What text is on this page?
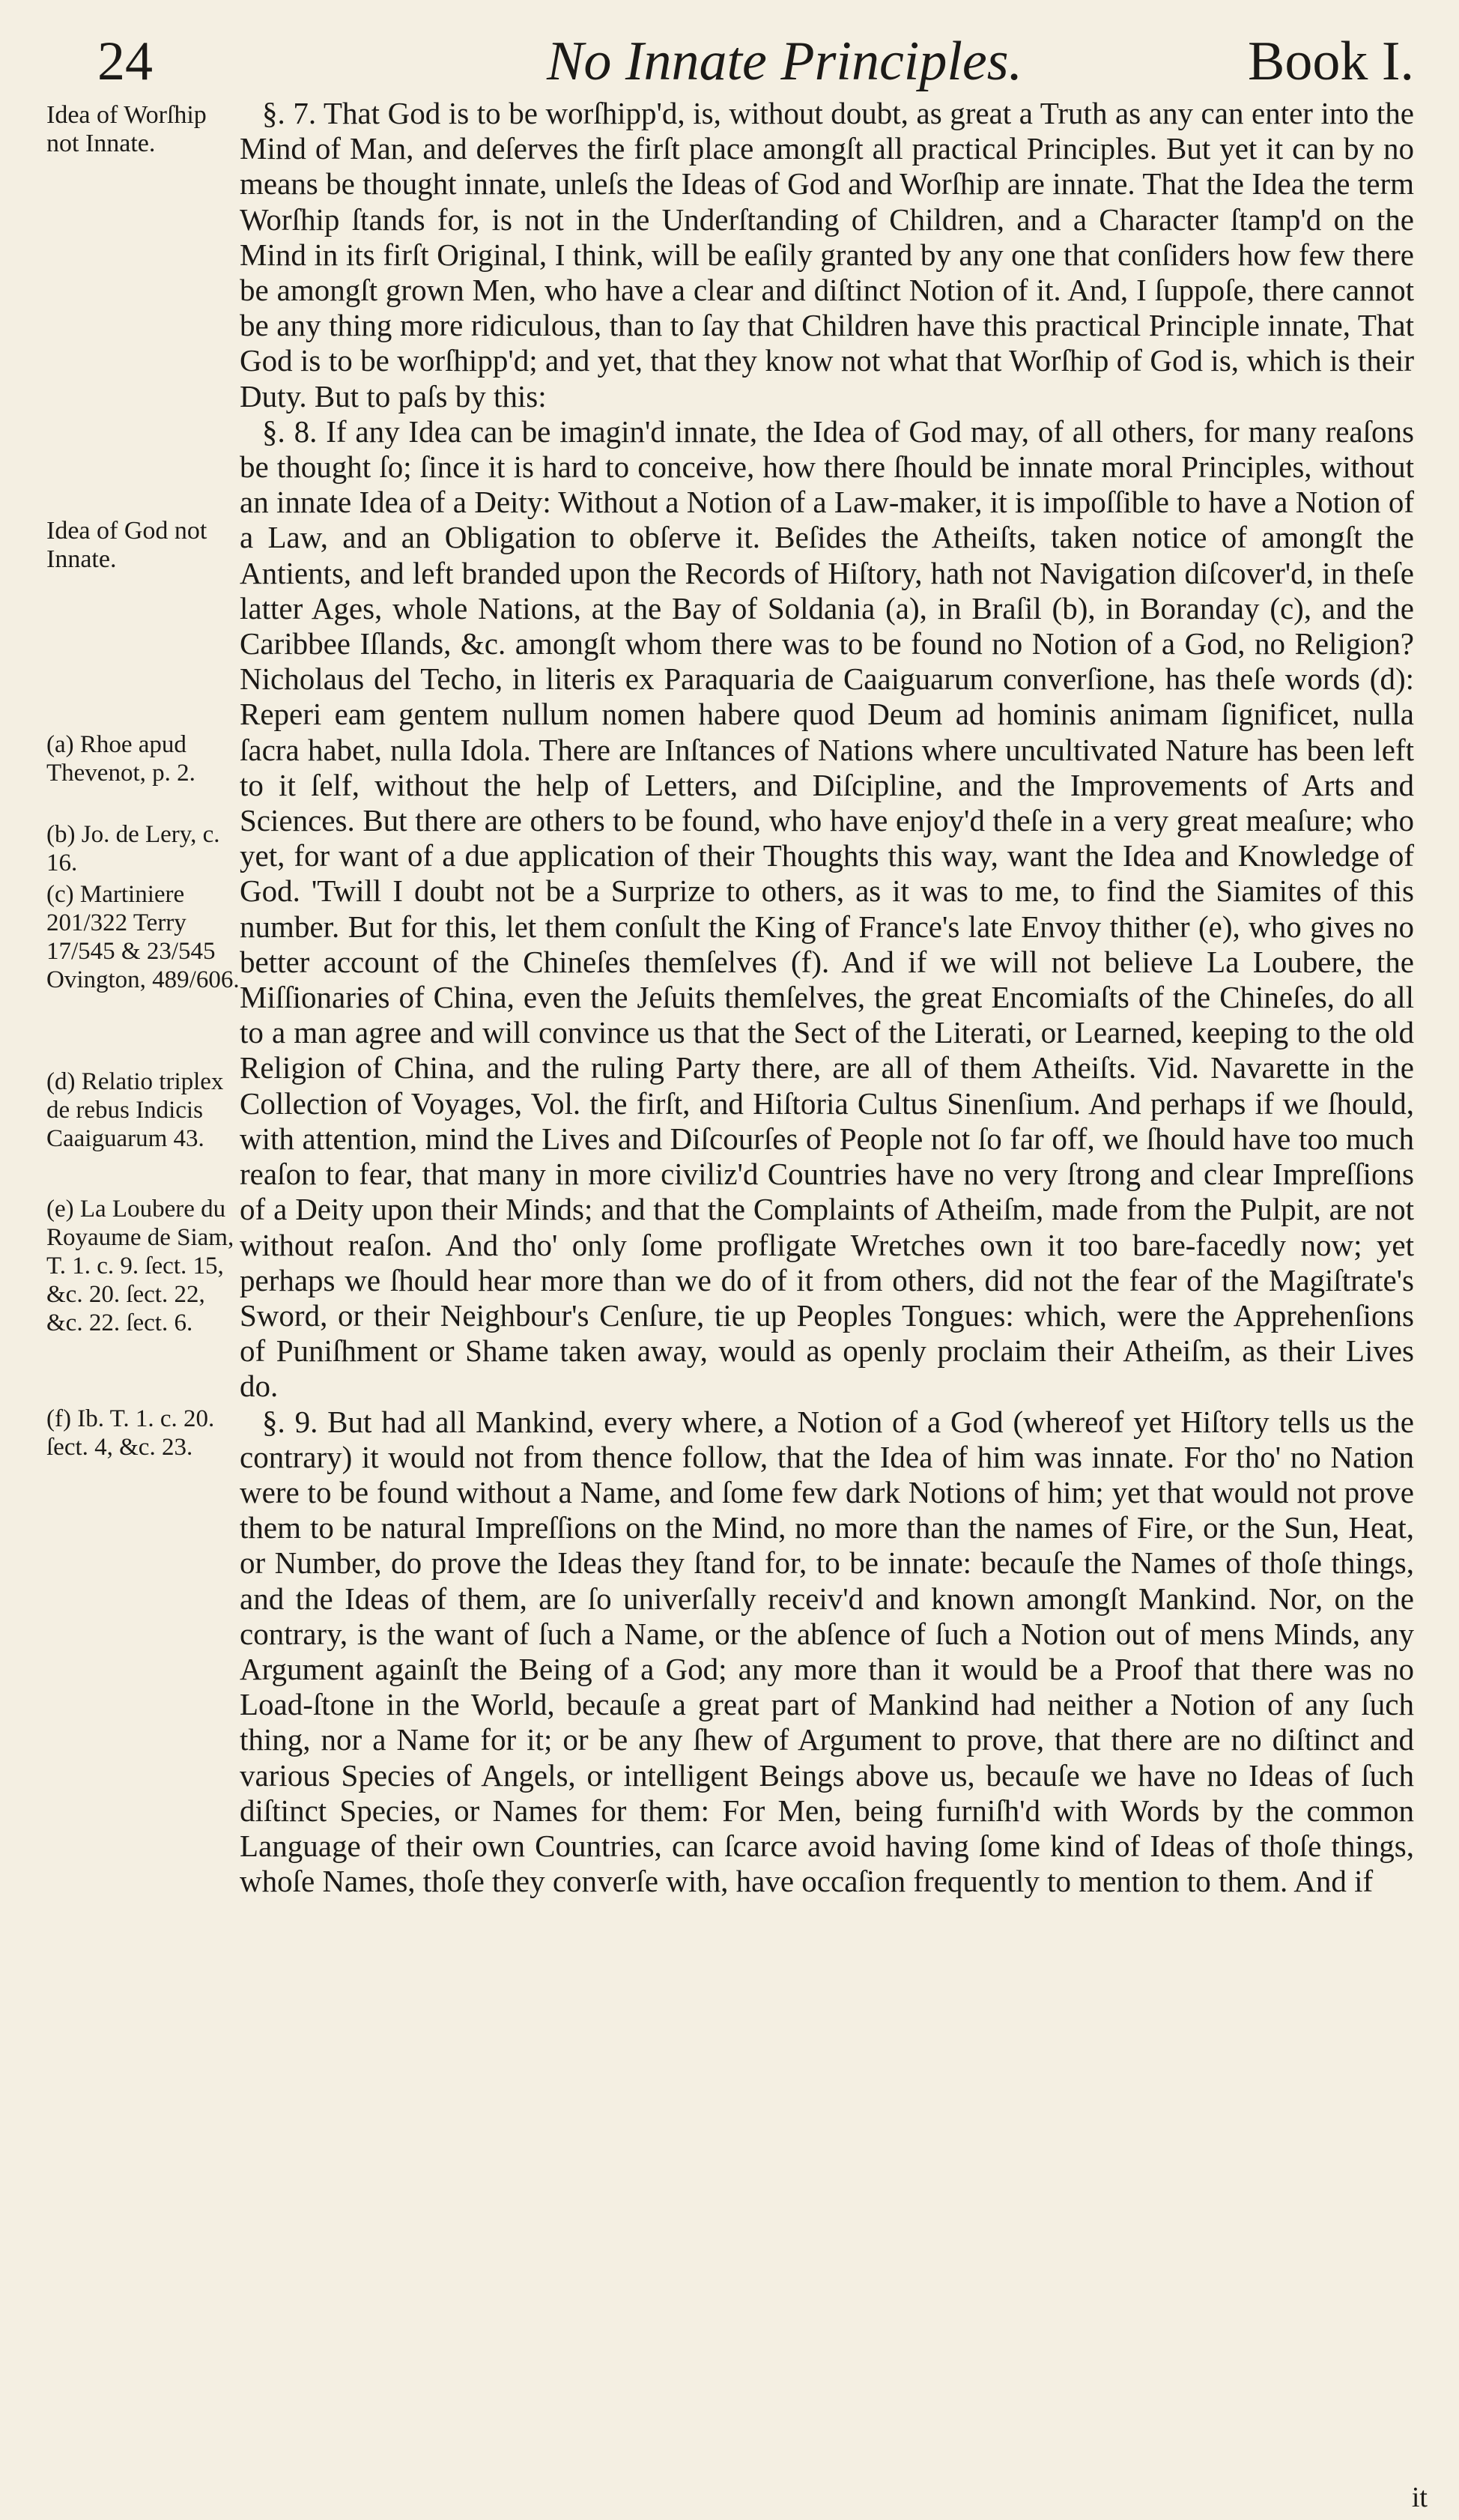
24	No Innate Principles.	Book I.
Idea of Worſhip not Innate.
Idea of God not Innate.
(a) Rhoe apud Thevenot, p. 2.
(b) Jo. de Lery, c. 16.
(c) Martiniere 201/322 Terry 17/545 & 23/545 Ovington, 489/606.
(d) Relatio triplex de rebus Indicis Caaiguarum 43.
(e) La Loubere du Royaume de Siam, T. 1. c. 9. ſect. 15, &c. 20. ſect. 22, &c. 22. ſect. 6.
(f) Ib. T. 1. c. 20. ſect. 4, &c. 23.

§. 7. That God is to be worſhipp'd, is, without doubt, as great a Truth as any can enter into the Mind of Man, and deſerves the firſt place amongſt all practical Principles. But yet it can by no means be thought innate, unleſs the Ideas of God and Worſhip are innate. That the Idea the term Worſhip ſtands for, is not in the Underſtanding of Children, and a Character ſtamp'd on the Mind in its firſt Original, I think, will be eaſily granted by any one that conſiders how few there be amongſt grown Men, who have a clear and diſtinct Notion of it. And, I ſuppoſe, there cannot be any thing more ridiculous, than to ſay that Children have this practical Principle innate, That God is to be worſhipp'd; and yet, that they know not what that Worſhip of God is, which is their Duty. But to paſs by this:

§. 8. If any Idea can be imagin'd innate, the Idea of God may, of all others, for many reaſons be thought ſo; ſince it is hard to conceive, how there ſhould be innate moral Principles, without an innate Idea of a Deity: Without a Notion of a Law-maker, it is impoſſible to have a Notion of a Law, and an Obligation to obſerve it. Beſides the Atheiſts, taken notice of amongſt the Antients, and left branded upon the Records of Hiſtory, hath not Navigation diſcover'd, in theſe latter Ages, whole Nations, at the Bay of Soldania (a), in Braſil (b), in Boranday (c), and the Caribbee Iſlands, &c. amongſt whom there was to be found no Notion of a God, no Religion? Nicholaus del Techo, in literis ex Paraquaria de Caaiguarum converſione, has theſe words (d): Reperi eam gentem nullum nomen habere quod Deum ad hominis animam ſignificet, nulla ſacra habet, nulla Idola. There are Inſtances of Nations where uncultivated Nature has been left to it ſelf, without the help of Letters, and Diſcipline, and the Improvements of Arts and Sciences. But there are others to be found, who have enjoy'd theſe in a very great meaſure; who yet, for want of a due application of their Thoughts this way, want the Idea and Knowledge of God. 'Twill I doubt not be a Surprize to others, as it was to me, to find the Siamites of this number. But for this, let them conſult the King of France's late Envoy thither (e), who gives no better account of the Chineſes themſelves (f). And if we will not believe La Loubere, the Miſſionaries of China, even the Jeſuits themſelves, the great Encomiaſts of the Chineſes, do all to a man agree and will convince us that the Sect of the Literati, or Learned, keeping to the old Religion of China, and the ruling Party there, are all of them Atheiſts. Vid. Navarette in the Collection of Voyages, Vol. the firſt, and Hiſtoria Cultus Sinenſium. And perhaps if we ſhould, with attention, mind the Lives and Diſcourſes of People not ſo far off, we ſhould have too much reaſon to fear, that many in more civiliz'd Countries have no very ſtrong and clear Impreſſions of a Deity upon their Minds; and that the Complaints of Atheiſm, made from the Pulpit, are not without reaſon. And tho' only ſome profligate Wretches own it too bare-facedly now; yet perhaps we ſhould hear more than we do of it from others, did not the fear of the Magiſtrate's Sword, or their Neighbour's Cenſure, tie up Peoples Tongues: which, were the Apprehenſions of Puniſhment or Shame taken away, would as openly proclaim their Atheiſm, as their Lives do.

§. 9. But had all Mankind, every where, a Notion of a God (whereof yet Hiſtory tells us the contrary) it would not from thence follow, that the Idea of him was innate. For tho' no Nation were to be found without a Name, and ſome few dark Notions of him; yet that would not prove them to be natural Impreſſions on the Mind, no more than the names of Fire, or the Sun, Heat, or Number, do prove the Ideas they ſtand for, to be innate: becauſe the Names of thoſe things, and the Ideas of them, are ſo univerſally receiv'd and known amongſt Mankind. Nor, on the contrary, is the want of ſuch a Name, or the abſence of ſuch a Notion out of mens Minds, any Argument againſt the Being of a God; any more than it would be a Proof that there was no Load-ſtone in the World, becauſe a great part of Mankind had neither a Notion of any ſuch thing, nor a Name for it; or be any ſhew of Argument to prove, that there are no diſtinct and various Species of Angels, or intelligent Beings above us, becauſe we have no Ideas of ſuch diſtinct Species, or Names for them: For Men, being furniſh'd with Words by the common Language of their own Countries, can ſcarce avoid having ſome kind of Ideas of thoſe things, whoſe Names, thoſe they converſe with, have occaſion frequently to mention to them. And if

it
